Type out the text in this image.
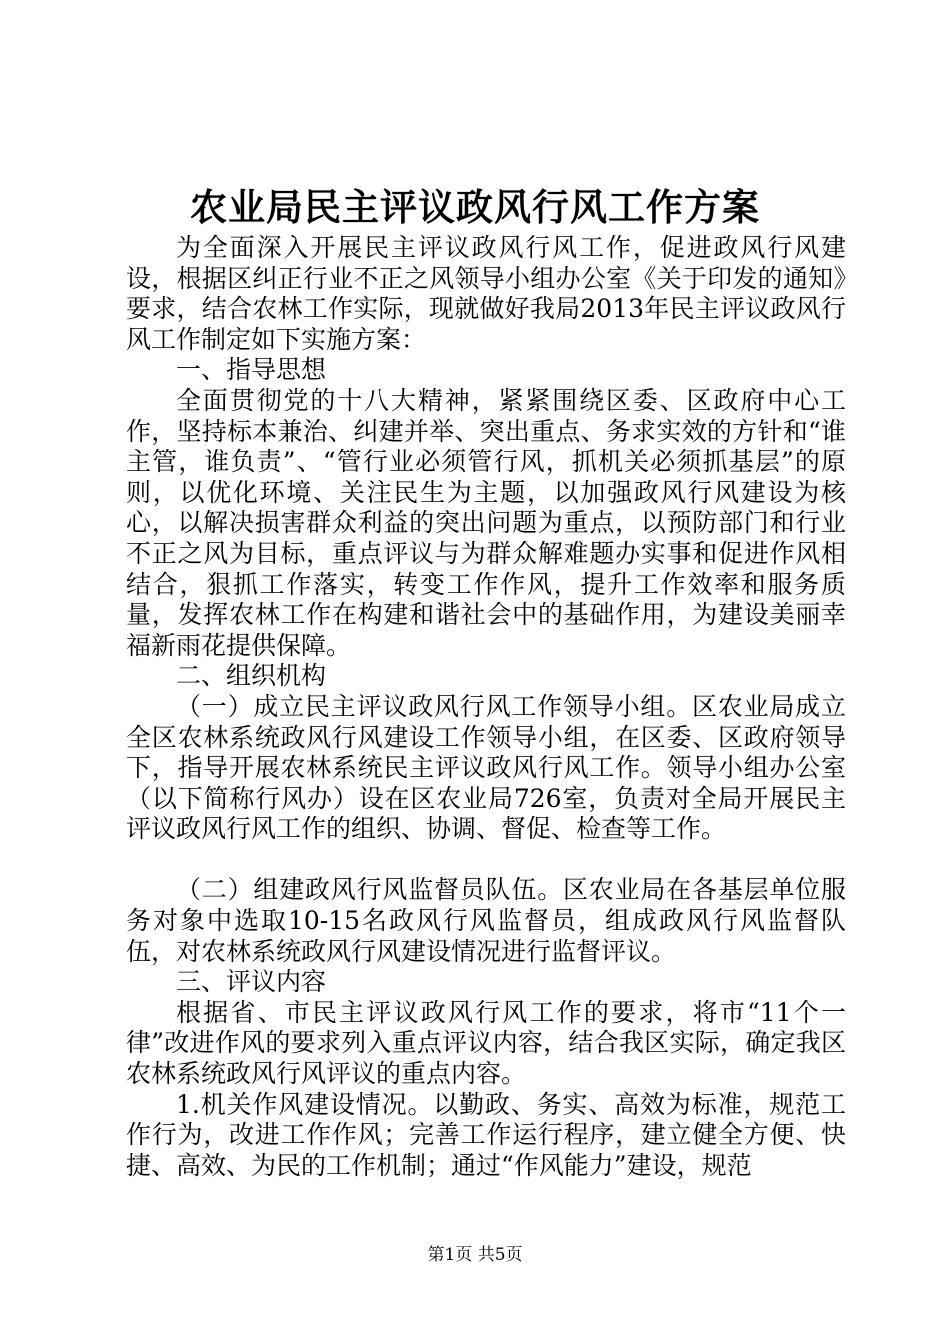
农业局民主评议政风行风工作方案

为全面深入开展民主评议政风行风工作，促进政风行风建设，根据区纠正行业不正之风领导小组办公室《关于印发的通知》要求，结合农林工作实际，现就做好我局2013年民主评议政风行风工作制定如下实施方案：

一、指导思想

全面贯彻党的十八大精神，紧紧围绕区委、区政府中心工作，坚持标本兼治、纠建并举、突出重点、务求实效的方针和“谁主管，谁负责”、“管行业必须管行风，抓机关必须抓基层”的原则，以优化环境、关注民生为主题，以加强政风行风建设为核心，以解决损害群众利益的突出问题为重点，以预防部门和行业不正之风为目标，重点评议与为群众解难题办实事和促进作风相结合，狠抓工作落实，转变工作作风，提升工作效率和服务质量，发挥农林工作在构建和谐社会中的基础作用，为建设美丽幸福新雨花提供保障。

二、组织机构

（一）成立民主评议政风行风工作领导小组。区农业局成立全区农林系统政风行风建设工作领导小组，在区委、区政府领导下，指导开展农林系统民主评议政风行风工作。领导小组办公室（以下简称行风办）设在区农业局726室，负责对全局开展民主评议政风行风工作的组织、协调、督促、检查等工作。

（二）组建政风行风监督员队伍。区农业局在各基层单位服务对象中选取10-15名政风行风监督员，组成政风行风监督队伍，对农林系统政风行风建设情况进行监督评议。

三、评议内容

根据省、市民主评议政风行风工作的要求，将市“11个一律”改进作风的要求列入重点评议内容，结合我区实际，确定我区农林系统政风行风评议的重点内容。

1.机关作风建设情况。以勤政、务实、高效为标准，规范工作行为，改进工作作风；完善工作运行程序，建立健全方便、快捷、高效、为民的工作机制；通过“作风能力”建设，规范

第1页 共5页
